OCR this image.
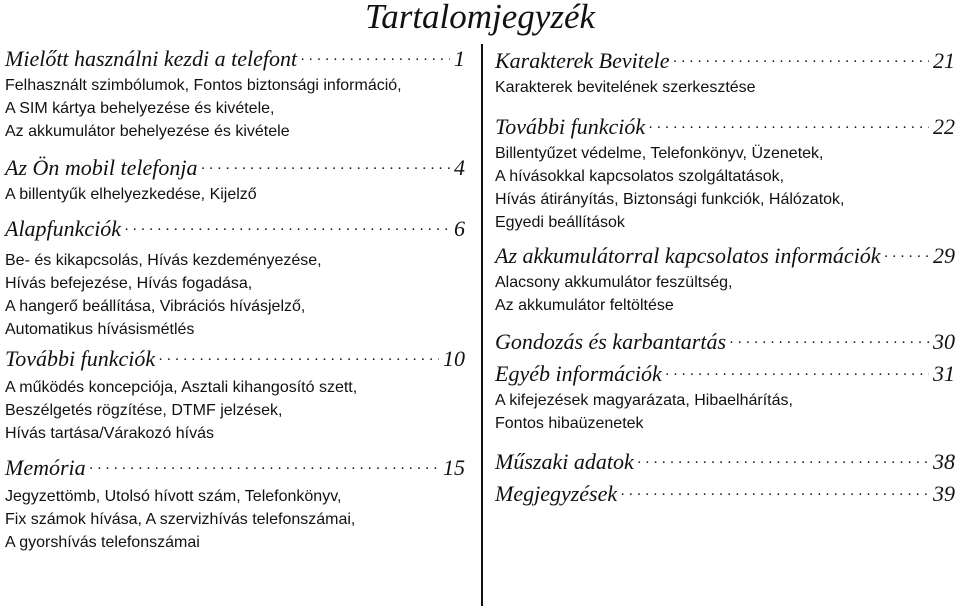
Tartalomjegyzék
Mielőtt használni kezdi a telefont ·····	1
Felhasznált szimbólumok, Fontos biztonsági információ,
A SIM kártya behelyezése és kivétele,
Az akkumulátor behelyezése és kivétele
Az Ön mobil telefonja ·····	4
A billentyűk elhelyezkedése, Kijelző
Alapfunkciók ·····	6
Be- és kikapcsolás, Hívás kezdeményezése,
Hívás befejezése, Hívás fogadása,
A hangerő beállítása, Vibrációs hívásjelző,
Automatikus hívásismétlés
További funkciók ·····	10
A működés koncepciója, Asztali kihangosító szett,
Beszélgetés rögzítése, DTMF jelzések,
Hívás tartása/Várakozó hívás
Memória ·····	15
Jegyzettömb, Utolsó hívott szám, Telefonkönyv,
Fix számok hívása, A szervizhívás telefonszámai,
A gyorshívás telefonszámai
Karakterek Bevitele ·····	21
Karakterek bevitelének szerkesztése
További funkciók ·····	22
Billentyűzet védelme, Telefonkönyv, Üzenetek,
A hívásokkal kapcsolatos szolgáltatások,
Hívás átirányítás, Biztonsági funkciók, Hálózatok,
Egyedi beállítások
Az akkumulátorral kapcsolatos információk ····· 29
Alacsony akkumulátor feszültség,
Az akkumulátor feltöltése
Gondozás és karbantartás ·····	30
Egyéb információk ·····	31
A kifejezések magyarázata, Hibaelhárítás,
Fontos hibaüzenetek
Műszaki adatok ·····	38
Megjegyzések ·····	39
